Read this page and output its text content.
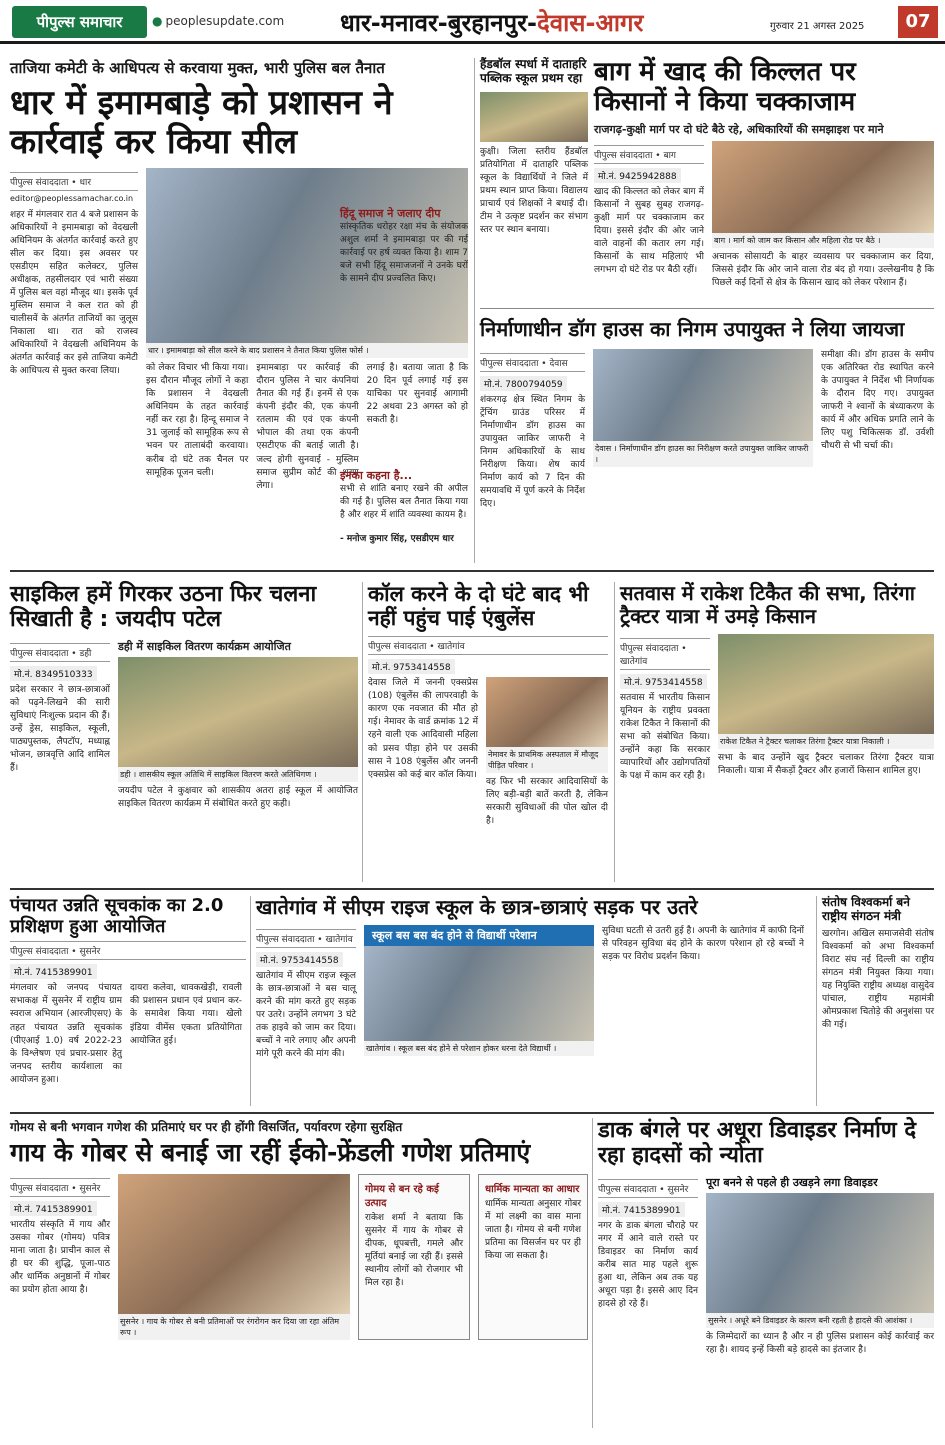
पीपुल्स समाचार	● peoplesupdate.com धार-मनावर-बुरहानपुर-देवास-आगर	गुरुवार 21 अगस्त 2025	07
ताजिया कमेटी के आधिपत्य से करवाया मुक्त, भारी पुलिस बल तैनात
धार में इमामबाड़े को प्रशासन ने कार्रवाई कर किया सील
पीपुल्स संवाददाता • धार
editor@peoplessamachar.co.in
शहर में मंगलवार रात 4 बजे प्रशासन के अधिकारियों ने इमामबाड़ा को वेदखली अधिनियम के अंतर्गत कार्रवाई करते हुए सील कर दिया। इस अवसर पर एसडीएम सहित कलेक्टर, पुलिस अधीक्षक, तहसीलदार एवं भारी संख्या में पुलिस बल वहां मौजूद था। इसके पूर्व मुस्लिम समाज ने कल रात को ही चालीसवें के अंतर्गत ताजियों का जुलूस निकाला था। रात को राजस्व अधिकारियों ने वेदखली अधिनियम के अंतर्गत कार्रवाई कर इसे ताजिया कमेटी के आधिपत्य से मुक्त करवा लिया।
धार । इमामबाड़ा को सील करने के बाद प्रशासन ने तैनात किया पुलिस फोर्स ।
को लेकर विचार भी किया गया। इस दौरान मौजूद लोगों ने कहा कि प्रशासन ने वेदखली अधिनियम के तहत कार्रवाई नहीं कर रहा है। हिन्दू समाज ने 31 जुलाई को सामूहिक रूप से भवन पर तालाबंदी करवाया। करीब दो घंटे तक चैनल पर सामूहिक पूजन चली।
इमामबाड़ा पर कार्रवाई की दौरान पुलिस ने चार कंपनियां तैनात की गई हैं। इनमें से एक कंपनी इंदौर की, एक कंपनी रतलाम की एवं एक कंपनी भोपाल की तथा एक कंपनी एसटीएफ की बताई जाती है। जल्द होगी सुनवाई - मुस्लिम समाज सुप्रीम कोर्ट की शरण लेगा।
लगाई है। बताया जाता है कि 20 दिन पूर्व लगाई गई इस याचिका पर सुनवाई आगामी 22 अथवा 23 अगस्त को हो सकती है।
हिंदू समाज ने जलाए दीप
सांस्कृतिक धरोहर रक्षा मंच के संयोजक अशुल शर्मा ने इमामबाड़ा पर की गई कार्रवाई पर हर्ष व्यक्त किया है। शाम 7 बजे सभी हिंदू समाजजनों ने उनके घरों के सामने दीप प्रज्वलित किए।
इनका कहना है...
सभी से शांति बनाए रखने की अपील की गई है। पुलिस बल तैनात किया गया है और शहर में शांति व्यवस्था कायम है।
- मनोज कुमार सिंह, एसडीएम धार
हैंडबॉल स्पर्धा में दाताहरि पब्लिक स्कूल प्रथम रहा
कुक्षी। जिला स्तरीय हैंडबॉल प्रतियोगिता में दाताहरि पब्लिक स्कूल के विद्यार्थियों ने जिले में प्रथम स्थान प्राप्त किया। विद्यालय प्राचार्य एवं शिक्षकों ने बधाई दी। टीम ने उत्कृष्ट प्रदर्शन कर संभाग स्तर पर स्थान बनाया।
बाग में खाद की किल्लत पर किसानों ने किया चक्काजाम
राजगढ़-कुक्षी मार्ग पर दो घंटे बैठे रहे, अधिकारियों की समझाइश पर माने
पीपुल्स संवाददाता • बाग
मो.नं. 9425942888
खाद की किल्लत को लेकर बाग में किसानों ने सुबह सुबह राजगढ़-कुक्षी मार्ग पर चक्काजाम कर दिया। इससे इंदौर की ओर जाने वाले वाहनों की कतार लग गई। किसानों के साथ महिलाएं भी लगभग दो घंटे रोड पर बैठी रहीं।
बाग । मार्ग को जाम कर किसान और महिला रोड पर बैठे ।
अचानक सोसायटी के बाहर व्यवसाय पर चक्काजाम कर दिया, जिससे इंदौर कि ओर जाने वाला रोड बंद हो गया। उल्लेखनीय है कि पिछले कई दिनों से क्षेत्र के किसान खाद को लेकर परेशान हैं।
निर्माणाधीन डॉग हाउस का निगम उपायुक्त ने लिया जायजा
पीपुल्स संवाददाता • देवास
मो.नं. 7800794059
शंकरगढ़ क्षेत्र स्थित निगम के ट्रेंचिंग ग्राउंड परिसर में निर्माणाधीन डॉग हाउस का उपायुक्त जाकिर जाफरी ने निगम अधिकारियों के साथ निरीक्षण किया। शेष कार्य निर्माण कार्य को 7 दिन की समयावधि में पूर्ण करने के निर्देश दिए।
देवास । निर्माणाधीन डॉग हाउस का निरीक्षण करते उपायुक्त जाकिर जाफरी ।
समीक्षा की। डॉग हाउस के समीप एक अतिरिक्त रोड स्थापित करने के उपायुक्त ने निर्देश भी निर्णायक के दौरान दिए गए। उपायुक्त जाफरी ने श्वानों के बंध्याकरण के कार्य में और अधिक प्रगति लाने के लिए पशु चिकित्सक डॉ. उर्वशी चौधरी से भी चर्चा की।
साइकिल हमें गिरकर उठना फिर चलना सिखाती है : जयदीप पटेल
पीपुल्स संवाददाता • डही
मो.नं. 8349510333
प्रदेश सरकार ने छात्र-छात्राओं को पढ़ने-लिखने की सारी सुविधाएं निःशुल्क प्रदान की हैं। उन्हें ड्रेस, साइकिल, स्कूली, पाठ्यपुस्तक, लैपटॉप, मध्याह्न भोजन, छात्रवृत्ति आदि शामिल हैं।
डही में साइकिल वितरण कार्यक्रम आयोजित
डही । शासकीय स्कूल अतिथि में साइकिल वितरण करते अतिथिगण ।
जयदीप पटेल ने कुक्षवार को शासकीय अतरा हाई स्कूल में आयोजित साइकिल वितरण कार्यक्रम में संबोधित करते हुए कही।
कॉल करने के दो घंटे बाद भी नहीं पहुंच पाई एंबुलेंस
पीपुल्स संवाददाता • खातेगांव
मो.नं. 9753414558
देवास जिले में जननी एक्सप्रेस (108) एंबुलेंस की लापरवाही के कारण एक नवजात की मौत हो गई। नेमावर के वार्ड क्रमांक 12 में रहने वाली एक आदिवासी महिला को प्रसव पीड़ा होने पर उसकी सास ने 108 एंबुलेंस और जननी एक्सप्रेस को कई बार कॉल किया।
नेमावर के प्राथमिक अस्पताल में मौजूद पीड़ित परिवार ।
वह फिर भी सरकार आदिवासियों के लिए बड़ी-बड़ी बातें करती है, लेकिन सरकारी सुविधाओं की पोल खोल दी है।
सतवास में राकेश टिकैत की सभा, तिरंगा ट्रैक्टर यात्रा में उमड़े किसान
पीपुल्स संवाददाता • खातेगांव
मो.नं. 9753414558
सतवास में भारतीय किसान यूनियन के राष्ट्रीय प्रवक्ता राकेश टिकैत ने किसानों की सभा को संबोधित किया। उन्होंने कहा कि सरकार व्यापारियों और उद्योगपतियों के पक्ष में काम कर रही है।
राकेश टिकैत ने ट्रैक्टर चलाकर तिरंगा ट्रैक्टर यात्रा निकाली ।
सभा के बाद उन्होंने खुद ट्रैक्टर चलाकर तिरंगा ट्रैक्टर यात्रा निकाली। यात्रा में सैकड़ों ट्रैक्टर और हजारों किसान शामिल हुए।
पंचायत उन्नति सूचकांक का 2.0 प्रशिक्षण हुआ आयोजित
पीपुल्स संवाददाता • सुसनेर
मो.नं. 7415389901
मंगलवार को जनपद पंचायत सभाकक्ष में सुसनेर में राष्ट्रीय ग्राम स्वराज अभियान (आरजीएसए) के तहत पंचायत उन्नति सूचकांक (पीएआई 1.0) वर्ष 2022-23 के विश्लेषण एवं प्रचार-प्रसार हेतु जनपद स्तरीय कार्यशाला का आयोजन हुआ।
दायरा कलेवा, धावकखेड़ी, रावली की प्रशासन प्रधान एवं प्रधान कर-के समावेश किया गया। खेलो इंडिया वीमेंस एकता प्रतियोगिता आयोजित हुई।
खातेगांव में सीएम राइज स्कूल के छात्र-छात्राएं सड़क पर उतरे
पीपुल्स संवाददाता • खातेगांव
मो.नं. 9753414558
खातेगांव में सीएम राइज स्कूल के छात्र-छात्राओं ने बस चालू करने की मांग करते हुए सड़क पर उतरे। उन्होंने लगभग 3 घंटे तक हाइवे को जाम कर दिया। बच्चों ने नारे लगाए और अपनी मांगे पूरी करने की मांग की।
स्कूल बस बस बंद होने से विद्यार्थी परेशान
खातेगांव । स्कूल बस बंद होने से परेशान होकर धरना देते विद्यार्थी ।
सुविधा घटती से उतरी हुई है। अपनी के खातेगांव में काफी दिनों से परिवहन सुविधा बंद होने के कारण परेशान हो रहे बच्चों ने सड़क पर विरोध प्रदर्शन किया।
संतोष विश्वकर्मा बने राष्ट्रीय संगठन मंत्री
खरगोन। अखिल समाजसेवी संतोष विश्वकर्मा को अभा विश्वकर्मा विराट संघ नई दिल्ली का राष्ट्रीय संगठन मंत्री नियुक्त किया गया। यह नियुक्ति राष्ट्रीय अध्यक्ष वासुदेव पांचाल, राष्ट्रीय महामंत्री ओमप्रकाश चितोड़े की अनुशंसा पर की गई।
गोमय से बनी भगवान गणेश की प्रतिमाएं घर पर ही होंगी विसर्जित, पर्यावरण रहेगा सुरक्षित
गाय के गोबर से बनाई जा रहीं ईको-फ्रेंडली गणेश प्रतिमाएं
पीपुल्स संवाददाता • सुसनेर
मो.नं. 7415389901
भारतीय संस्कृति में गाय और उसका गोबर (गोमय) पवित्र माना जाता है। प्राचीन काल से ही घर की शुद्धि, पूजा-पाठ और धार्मिक अनुष्ठानों में गोबर का प्रयोग होता आया है।
सुसनेर । गाय के गोबर से बनी प्रतिमाओं पर रंगरोगन कर दिया जा रहा अंतिम रूप ।
गोमय से बन रहे कई उत्पाद
राकेश शर्मा ने बताया कि सुसनेर में गाय के गोबर से दीपक, धूपबत्ती, गमले और मूर्तियां बनाई जा रही हैं। इससे स्थानीय लोगों को रोजगार भी मिल रहा है।
धार्मिक मान्यता का आधार
धार्मिक मान्यता अनुसार गोबर में मां लक्ष्मी का वास माना जाता है। गोमय से बनी गणेश प्रतिमा का विसर्जन घर पर ही किया जा सकता है।
डाक बंगले पर अधूरा डिवाइडर निर्माण दे रहा हादसों को न्योता
पीपुल्स संवाददाता • सुसनेर
मो.नं. 7415389901
नगर के डाक बंगला चौराहे पर नगर में आने वाले रास्ते पर डिवाइडर का निर्माण कार्य करीब सात माह पहले शुरू हुआ था, लेकिन अब तक यह अधूरा पड़ा है। इससे आए दिन हादसे हो रहे हैं।
पूरा बनने से पहले ही उखड़ने लगा डिवाइडर
सुसनेर । अधूरे बने डिवाइडर के कारण बनी रहती है हादसे की आशंका ।
के जिम्मेदारों का ध्यान है और न ही पुलिस प्रशासन कोई कार्रवाई कर रहा है। शायद इन्हें किसी बड़े हादसे का इंतजार है।
